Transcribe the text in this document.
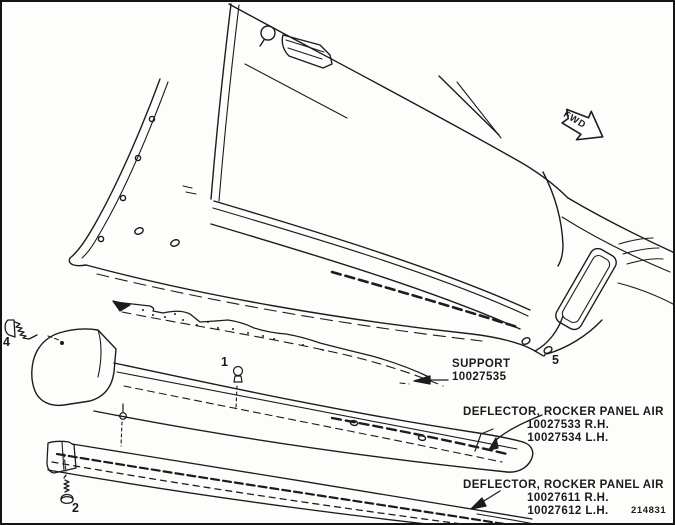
FWD
1
2
4
5
SUPPORT
10027535
DEFLECTOR, ROCKER PANEL AIR
10027533 R.H.
10027534 L.H.
DEFLECTOR, ROCKER PANEL AIR
10027611 R.H.
10027612 L.H.	214831
